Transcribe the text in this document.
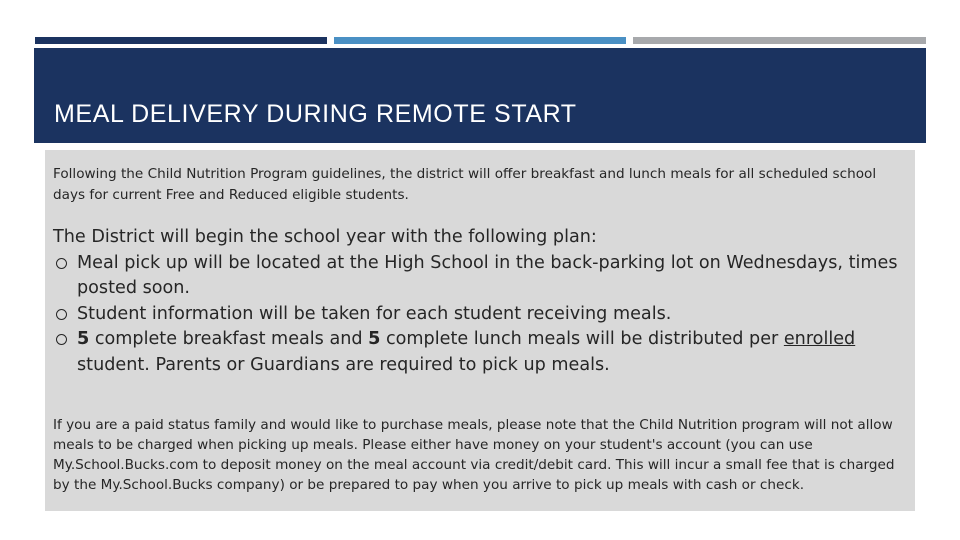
MEAL DELIVERY DURING REMOTE START

Following the Child Nutrition Program guidelines, the district will offer breakfast and lunch meals for all scheduled school days for current Free and Reduced eligible students.

The District will begin the school year with the following plan:

Meal pick up will be located at the High School in the back-parking lot on Wednesdays, times posted soon.
Student information will be taken for each student receiving meals.
5 complete breakfast meals and 5 complete lunch meals will be distributed per enrolled student. Parents or Guardians are required to pick up meals.

If you are a paid status family and would like to purchase meals, please note that the Child Nutrition program will not allow meals to be charged when picking up meals. Please either have money on your student's account (you can use My.School.Bucks.com to deposit money on the meal account via credit/debit card. This will incur a small fee that is charged by the My.School.Bucks company) or be prepared to pay when you arrive to pick up meals with cash or check.
